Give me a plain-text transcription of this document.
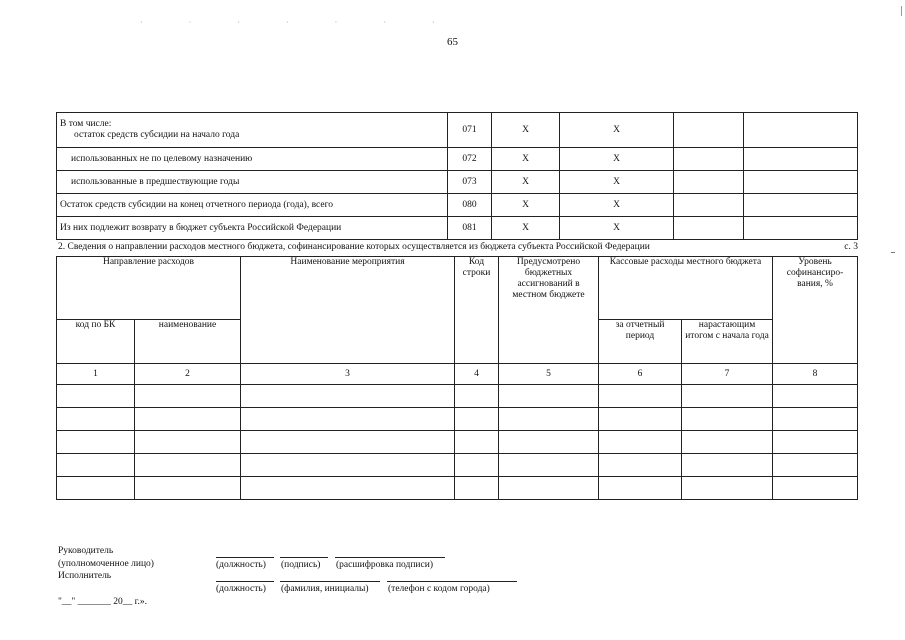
· · · · · · ·
65
В том числе:
остаток средств субсидии на начало года	071	X	X		
использованных не по целевому назначению	072	X	X		
использованные в предшествующие годы	073	X	X		
Остаток средств субсидии на конец отчетного периода (года), всего	080	X	X		
Из них подлежит возврату в бюджет субъекта Российской Федерации	081	X	X		
2. Сведения о направлении расходов местного бюджета, софинансирование которых осуществляется из бюджета субъекта Российской Федерации	с. 3
Направление расходов		Наименование мероприятия	Код строки	Предусмотрено бюджетных ассигнований в местном бюджете	Кассовые расходы местного бюджета		Уровень софинансиро-вания, %
код по БК	наименование						
					за отчетный период	нарастающим итогом с начала года	
1	2	3	4	5	6	7	8

Руководитель
(уполномоченное лицо)
Исполнитель
"__" _______ 20__ г.».
(должность) (подпись) (расшифровка подписи)
(должность) (фамилия, инициалы) (телефон с кодом города)
